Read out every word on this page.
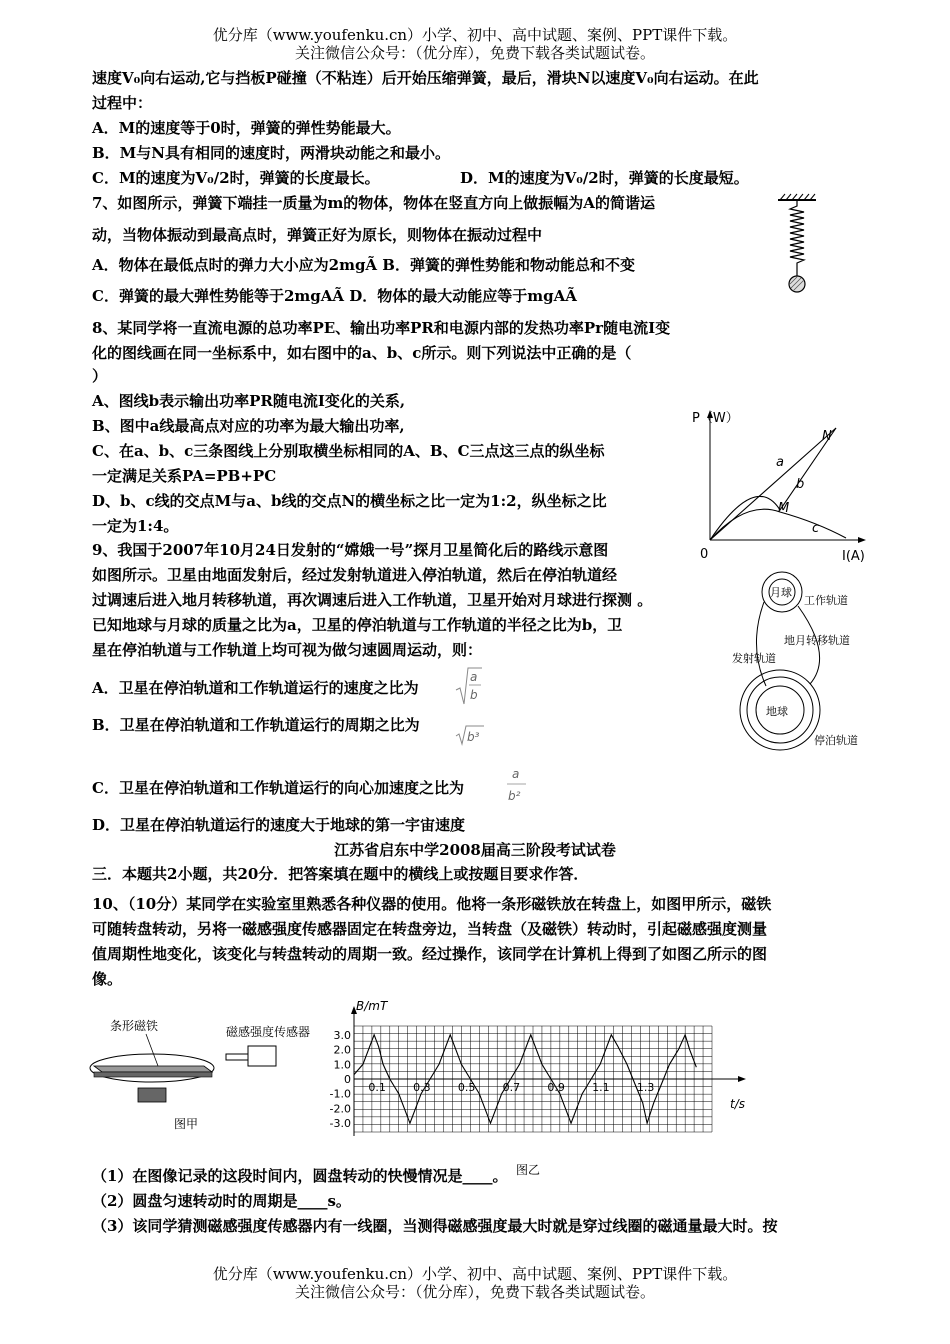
优分库（www.youfenku.cn）小学、初中、高中试题、案例、PPT课件下载。
关注微信公众号：（优分库），免费下载各类试题试卷。
速度V₀向右运动,它与挡板P碰撞（不粘连）后开始压缩弹簧，最后，滑块N以速度V₀向右运动。在此
过程中：
A．M的速度等于0时，弹簧的弹性势能最大。
B．M与N具有相同的速度时，两滑块动能之和最小。
C．M的速度为V₀/2时，弹簧的长度最长。	D．M的速度为V₀/2时，弹簧的长度最短。
7、如图所示，弹簧下端挂一质量为m的物体，物体在竖直方向上做振幅为A的简谐运
动，当物体振动到最高点时，弹簧正好为原长，则物体在振动过程中
A．物体在最低点时的弹力大小应为2mgÃ B．弹簧的弹性势能和物动能总和不变
C．弹簧的最大弹性势能等于2mgAÃ D．物体的最大动能应等于mgAÃ
8、某同学将一直流电源的总功率PE、输出功率PR和电源内部的发热功率Pr随电流I变
化的图线画在同一坐标系中，如右图中的a、b、c所示。则下列说法中正确的是（
）
A、图线b表示输出功率PR随电流I变化的关系,
B、图中a线最高点对应的功率为最大输出功率,
C、在a、b、c三条图线上分别取横坐标相同的A、B、C三点这三点的纵坐标
一定满足关系PA=PB+PC
D、b、c线的交点M与a、b线的交点N的横坐标之比一定为1:2，纵坐标之比
一定为1:4。
P（W）
I(A)
0
a
b
c
M
N
9、我国于2007年10月24日发射的“嫦娥一号”探月卫星简化后的路线示意图
如图所示。卫星由地面发射后，经过发射轨道进入停泊轨道，然后在停泊轨道经
过调速后进入地月转移轨道，再次调速后进入工作轨道，卫星开始对月球进行探测 。
已知地球与月球的质量之比为a，卫星的停泊轨道与工作轨道的半径之比为b，卫
星在停泊轨道与工作轨道上均可视为做匀速圆周运动，则：
A．卫星在停泊轨道和工作轨道运行的速度之比为
a
b
B．卫星在停泊轨道和工作轨道运行的周期之比为
b³
C．卫星在停泊轨道和工作轨道运行的向心加速度之比为
a
b²
D．卫星在停泊轨道运行的速度大于地球的第一宇宙速度
月球
工作轨道
地月转移轨道
地球
发射轨道
停泊轨道
江苏省启东中学2008届高三阶段考试试卷
三．本题共2小题，共20分．把答案填在题中的横线上或按题目要求作答．
10、（10分）某同学在实验室里熟悉各种仪器的使用。他将一条形磁铁放在转盘上，如图甲所示，磁铁
可随转盘转动，另将一磁感强度传感器固定在转盘旁边，当转盘（及磁铁）转动时，引起磁感强度测量
值周期性地变化，该变化与转盘转动的周期一致。经过操作，该同学在计算机上得到了如图乙所示的图
像。
条形磁铁	磁感强度传感器
图甲
B/mT
t/s
3.0
2.0
1.0
0
-1.0
-2.0
-3.0
0.1 0.3 0.5 0.7 0.9 1.1 1.3
图乙
（1）在图像记录的这段时间内，圆盘转动的快慢情况是____。
（2）圆盘匀速转动时的周期是____s。
（3）该同学猜测磁感强度传感器内有一线圈，当测得磁感强度最大时就是穿过线圈的磁通量最大时。按
优分库（www.youfenku.cn）小学、初中、高中试题、案例、PPT课件下载。
关注微信公众号：（优分库），免费下载各类试题试卷。
